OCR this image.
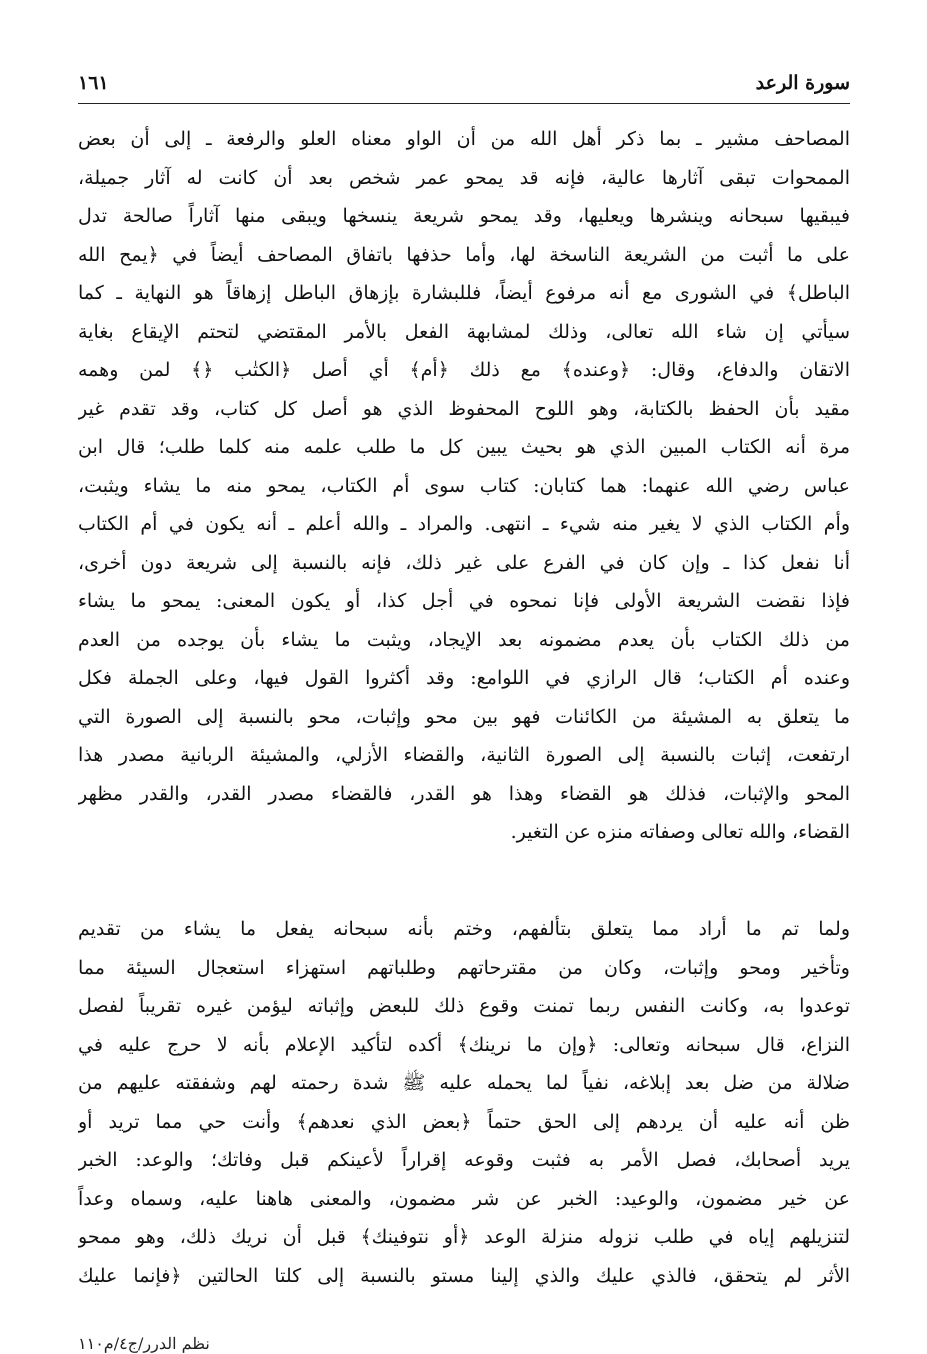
سورة الرعد
١٦١
المصاحف مشير ـ بما ذكر أهل الله من أن الواو معناه العلو والرفعة ـ إلى أن بعض
الممحوات تبقى آثارها عالية، فإنه قد يمحو عمر شخص بعد أن كانت له آثار جميلة،
فيبقيها سبحانه وينشرها ويعليها، وقد يمحو شريعة ينسخها ويبقى منها آثاراً صالحة تدل
على ما أثبت من الشريعة الناسخة لها، وأما حذفها باتفاق المصاحف أيضاً في ﴿يمح الله
الباطل﴾ في الشورى مع أنه مرفوع أيضاً، فللبشارة بإزهاق الباطل إزهاقاً هو النهاية ـ كما
سيأتي إن شاء الله تعالى، وذلك لمشابهة الفعل بالأمر المقتضي لتحتم الإيقاع بغاية
الاتقان والدفاع، وقال: ﴿وعنده﴾ مع ذلك ﴿أم﴾ أي أصل ﴿الكتٰب ﴿﴾ لمن وهمه
مقيد بأن الحفظ بالكتابة، وهو اللوح المحفوظ الذي هو أصل كل كتاب، وقد تقدم غير
مرة أنه الكتاب المبين الذي هو بحيث يبين كل ما طلب علمه منه كلما طلب؛ قال ابن
عباس رضي الله عنهما: هما كتابان: كتاب سوى أم الكتاب، يمحو منه ما يشاء ويثبت،
وأم الكتاب الذي لا يغير منه شيء ـ انتهى. والمراد ـ والله أعلم ـ أنه يكون في أم الكتاب
أنا نفعل كذا ـ وإن كان في الفرع على غير ذلك، فإنه بالنسبة إلى شريعة دون أخرى،
فإذا نقضت الشريعة الأولى فإنا نمحوه في أجل كذا، أو يكون المعنى: يمحو ما يشاء
من ذلك الكتاب بأن يعدم مضمونه بعد الإيجاد، ويثبت ما يشاء بأن يوجده من العدم
وعنده أم الكتاب؛ قال الرازي في اللوامع: وقد أكثروا القول فيها، وعلى الجملة فكل
ما يتعلق به المشيئة من الكائنات فهو بين محو وإثبات، محو بالنسبة إلى الصورة التي
ارتفعت، إثبات بالنسبة إلى الصورة الثانية، والقضاء الأزلي، والمشيئة الربانية مصدر هذا
المحو والإثبات، فذلك هو القضاء وهذا هو القدر، فالقضاء مصدر القدر، والقدر مظهر
القضاء، والله تعالى وصفاته منزه عن التغير.
ولما تم ما أراد مما يتعلق بتألفهم، وختم بأنه سبحانه يفعل ما يشاء من تقديم
وتأخير ومحو وإثبات، وكان من مقترحاتهم وطلباتهم استهزاء استعجال السيئة مما
توعدوا به، وكانت النفس ربما تمنت وقوع ذلك للبعض وإثباته ليؤمن غيره تقريباً لفصل
النزاع، قال سبحانه وتعالى: ﴿وإن ما نرينك﴾ أكده لتأكيد الإعلام بأنه لا حرج عليه في
ضلالة من ضل بعد إبلاغه، نفياً لما يحمله عليه ﷺ شدة رحمته لهم وشفقته عليهم من
ظن أنه عليه أن يردهم إلى الحق حتماً ﴿بعض الذي نعدهم﴾ وأنت حي مما تريد أو
يريد أصحابك، فصل الأمر به فثبت وقوعه إقراراً لأعينكم قبل وفاتك؛ والوعد: الخبر
عن خير مضمون، والوعيد: الخبر عن شر مضمون، والمعنى هاهنا عليه، وسماه وعداً
لتنزيلهم إياه في طلب نزوله منزلة الوعد ﴿أو نتوفينك﴾ قبل أن نريك ذلك، وهو ممحو
الأثر لم يتحقق، فالذي عليك والذي إلينا مستو بالنسبة إلى كلتا الحالتين ﴿فإنما عليك
نظم الدرر/ج٤/م١١٠
